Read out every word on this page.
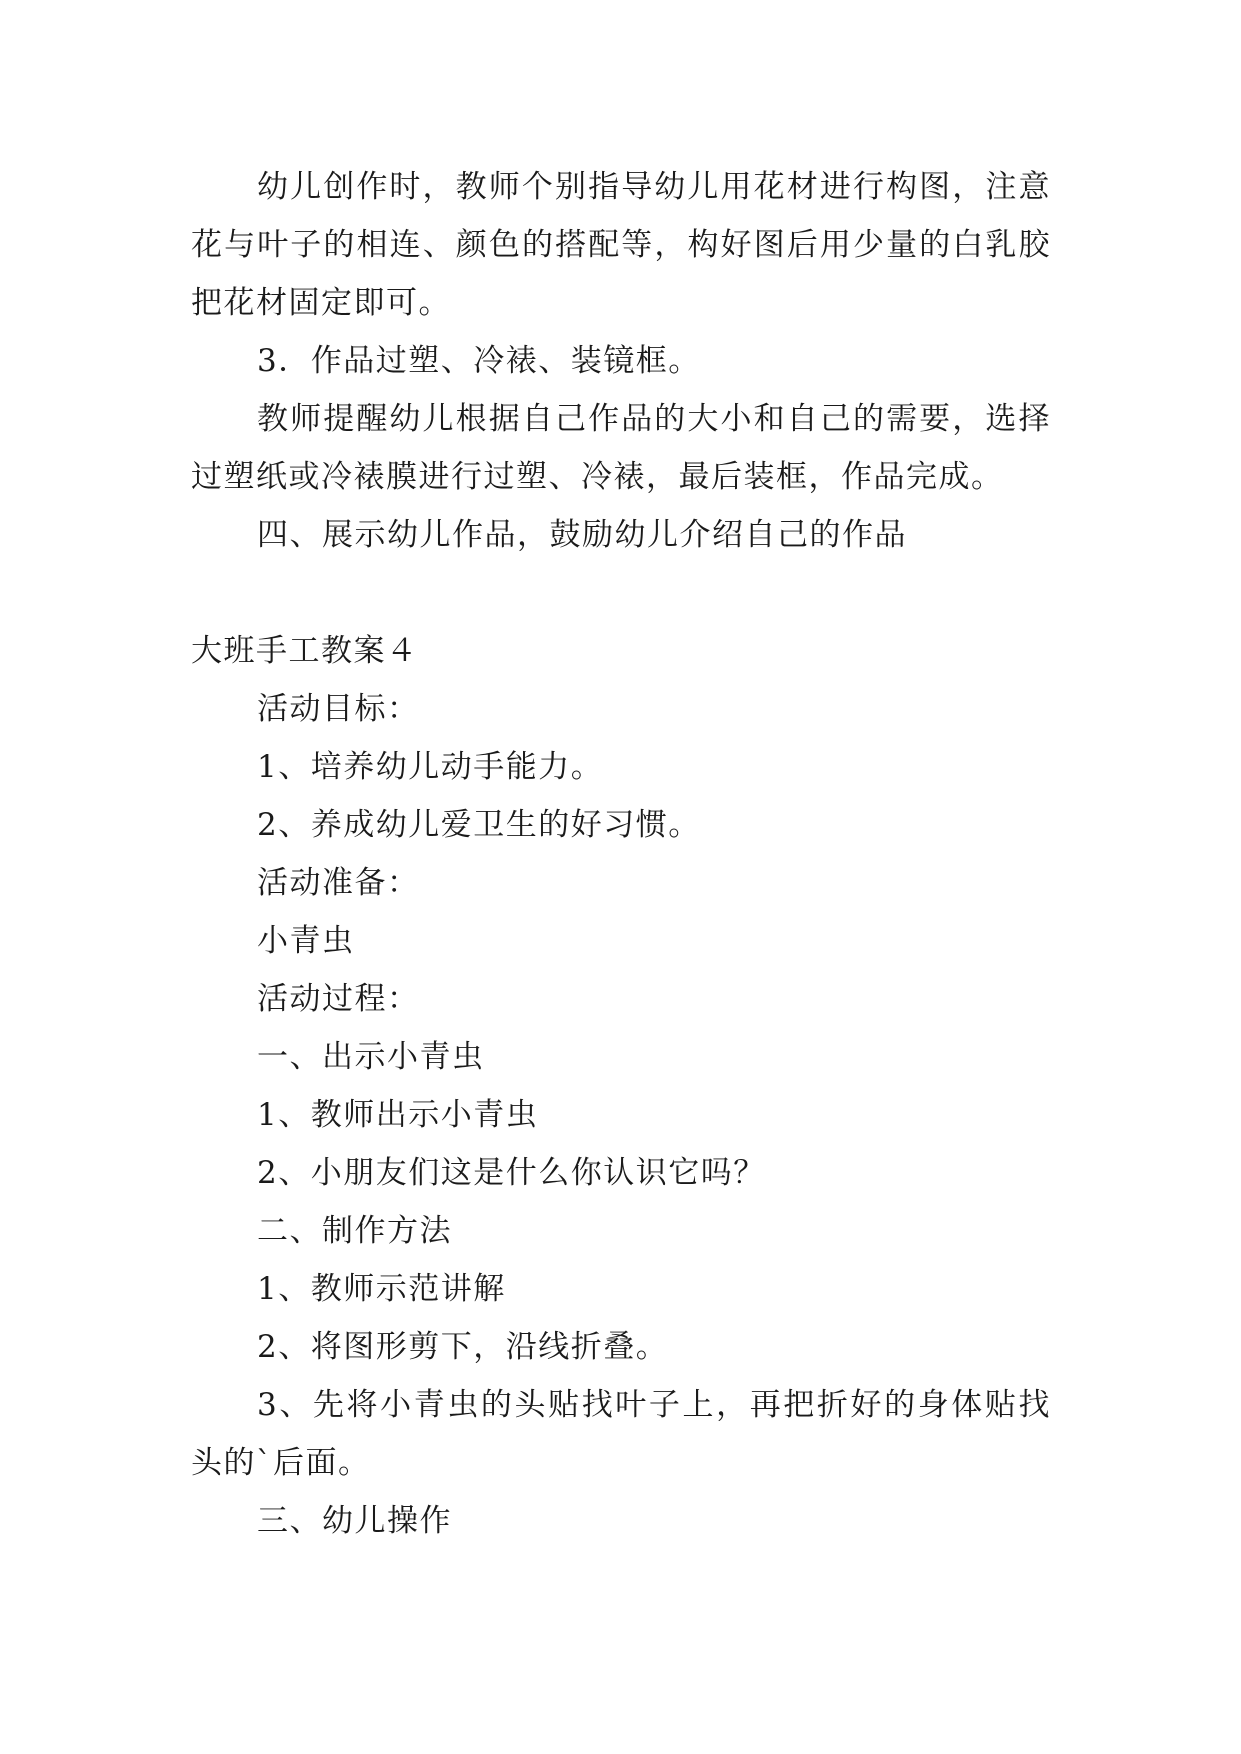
幼儿创作时，教师个别指导幼儿用花材进行构图，注意花与叶子的相连、颜色的搭配等，构好图后用少量的白乳胶把花材固定即可。

3．作品过塑、冷裱、装镜框。

教师提醒幼儿根据自己作品的大小和自己的需要，选择过塑纸或冷裱膜进行过塑、冷裱，最后装框，作品完成。

四、展示幼儿作品，鼓励幼儿介绍自己的作品

大班手工教案４

活动目标：

1、培养幼儿动手能力。

2、养成幼儿爱卫生的好习惯。

活动准备：

小青虫

活动过程：

一、出示小青虫

1、教师出示小青虫

2、小朋友们这是什么你认识它吗？

二、制作方法

1、教师示范讲解

2、将图形剪下，沿线折叠。

3、先将小青虫的头贴找叶子上，再把折好的身体贴找头的`后面。

三、幼儿操作
